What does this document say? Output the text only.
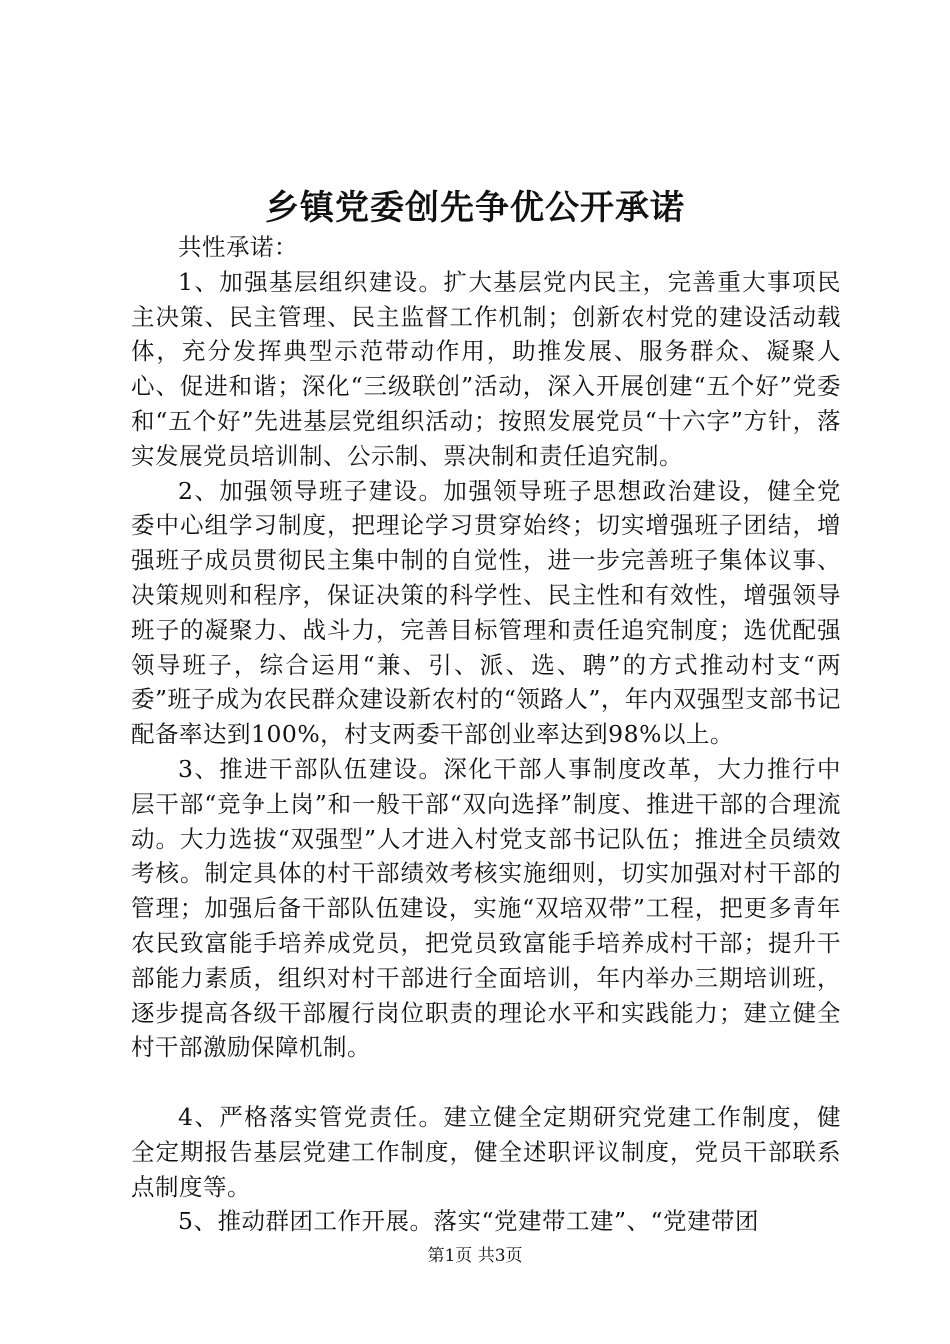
乡镇党委创先争优公开承诺

共性承诺：

1、加强基层组织建设。扩大基层党内民主，完善重大事项民主决策、民主管理、民主监督工作机制；创新农村党的建设活动载体，充分发挥典型示范带动作用，助推发展、服务群众、凝聚人心、促进和谐；深化“三级联创”活动，深入开展创建“五个好”党委和“五个好”先进基层党组织活动；按照发展党员“十六字”方针，落实发展党员培训制、公示制、票决制和责任追究制。

2、加强领导班子建设。加强领导班子思想政治建设，健全党委中心组学习制度，把理论学习贯穿始终；切实增强班子团结，增强班子成员贯彻民主集中制的自觉性，进一步完善班子集体议事、决策规则和程序，保证决策的科学性、民主性和有效性，增强领导班子的凝聚力、战斗力，完善目标管理和责任追究制度；选优配强领导班子，综合运用“兼、引、派、选、聘”的方式推动村支“两委”班子成为农民群众建设新农村的“领路人”，年内双强型支部书记配备率达到100%，村支两委干部创业率达到98%以上。

3、推进干部队伍建设。深化干部人事制度改革，大力推行中层干部“竞争上岗”和一般干部“双向选择”制度、推进干部的合理流动。大力选拔“双强型”人才进入村党支部书记队伍；推进全员绩效考核。制定具体的村干部绩效考核实施细则，切实加强对村干部的管理；加强后备干部队伍建设，实施“双培双带”工程，把更多青年农民致富能手培养成党员，把党员致富能手培养成村干部；提升干部能力素质，组织对村干部进行全面培训，年内举办三期培训班，逐步提高各级干部履行岗位职责的理论水平和实践能力；建立健全村干部激励保障机制。

4、严格落实管党责任。建立健全定期研究党建工作制度，健全定期报告基层党建工作制度，健全述职评议制度，党员干部联系点制度等。

5、推动群团工作开展。落实“党建带工建”、“党建带团

第1页 共3页
